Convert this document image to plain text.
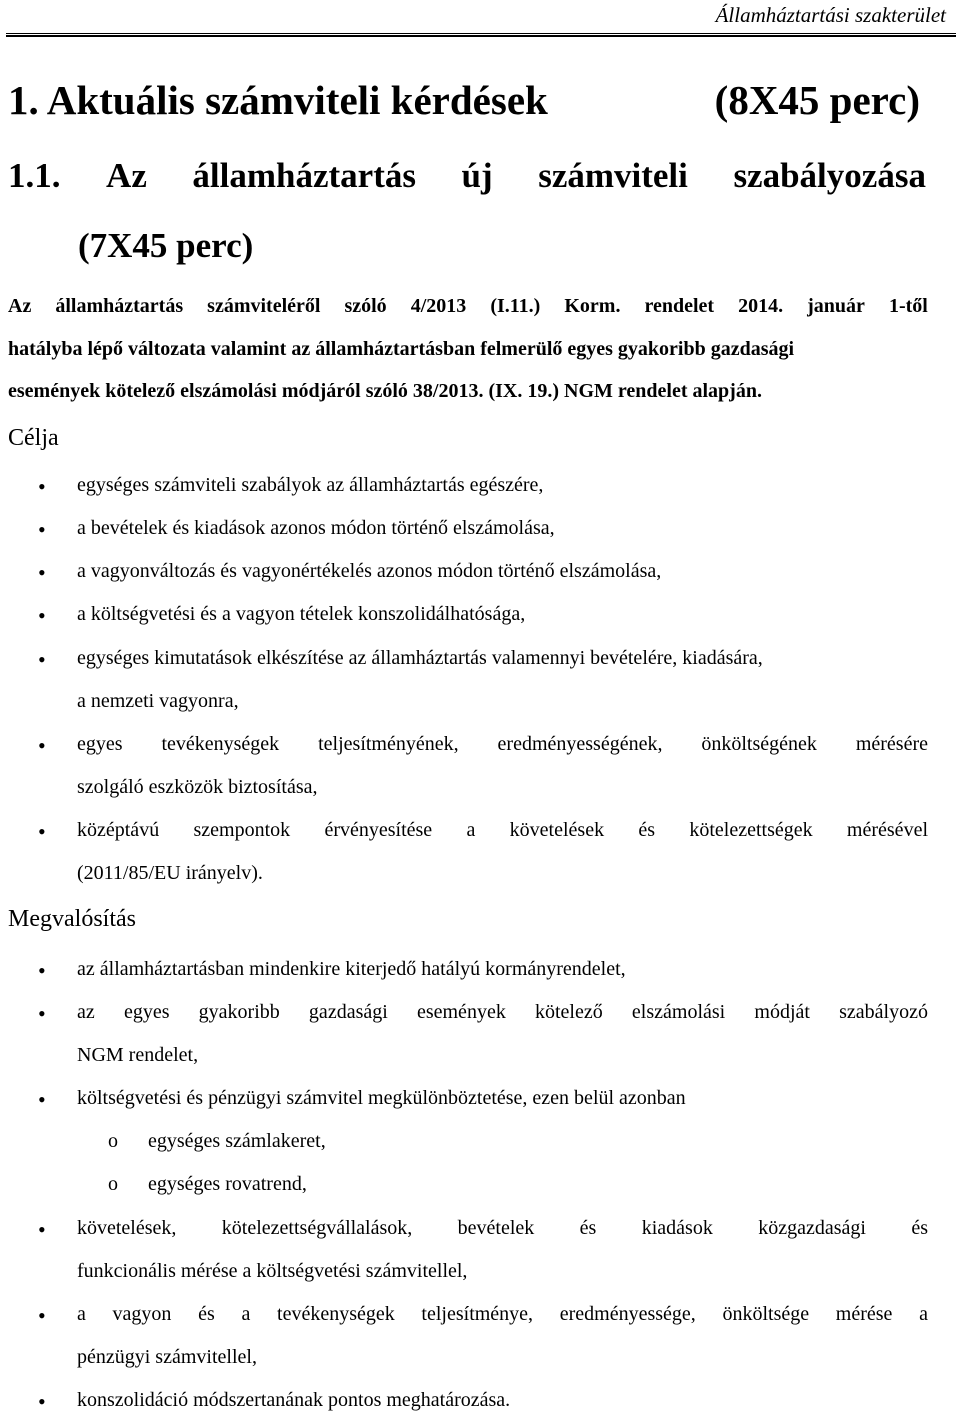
Államháztartási szakterület
1. Aktuális számviteli kérdések	(8X45 perc)
1.1. Az államháztartás új számviteli szabályozása
(7X45 perc)
Az államháztartás számviteléről szóló 4/2013 (I.11.) Korm. rendelet 2014. január 1-től
hatályba lépő változata valamint az államháztartásban felmerülő egyes gyakoribb gazdasági
események kötelező elszámolási módjáról szóló 38/2013. (IX. 19.) NGM rendelet alapján.
Célja
•	egységes számviteli szabályok az államháztartás egészére,
•	a bevételek és kiadások azonos módon történő elszámolása,
•	a vagyonváltozás és vagyonértékelés azonos módon történő elszámolása,
•	a költségvetési és a vagyon tételek konszolidálhatósága,
•	egységes kimutatások elkészítése az államháztartás valamennyi bevételére, kiadására,
a nemzeti vagyonra,
•	egyes tevékenységek teljesítményének, eredményességének, önköltségének mérésére
szolgáló eszközök biztosítása,
•	középtávú szempontok érvényesítése a követelések és kötelezettségek mérésével
(2011/85/EU irányelv).
Megvalósítás
•	az államháztartásban mindenkire kiterjedő hatályú kormányrendelet,
•	az egyes gyakoribb gazdasági események kötelező elszámolási módját szabályozó
NGM rendelet,
•	költségvetési és pénzügyi számvitel megkülönböztetése, ezen belül azonban
o egységes számlakeret,
o egységes rovatrend,
•	követelések, kötelezettségvállalások, bevételek és kiadások közgazdasági és
funkcionális mérése a költségvetési számvitellel,
•	a vagyon és a tevékenységek teljesítménye, eredményessége, önköltsége mérése a
pénzügyi számvitellel,
•	konszolidáció módszertanának pontos meghatározása.
